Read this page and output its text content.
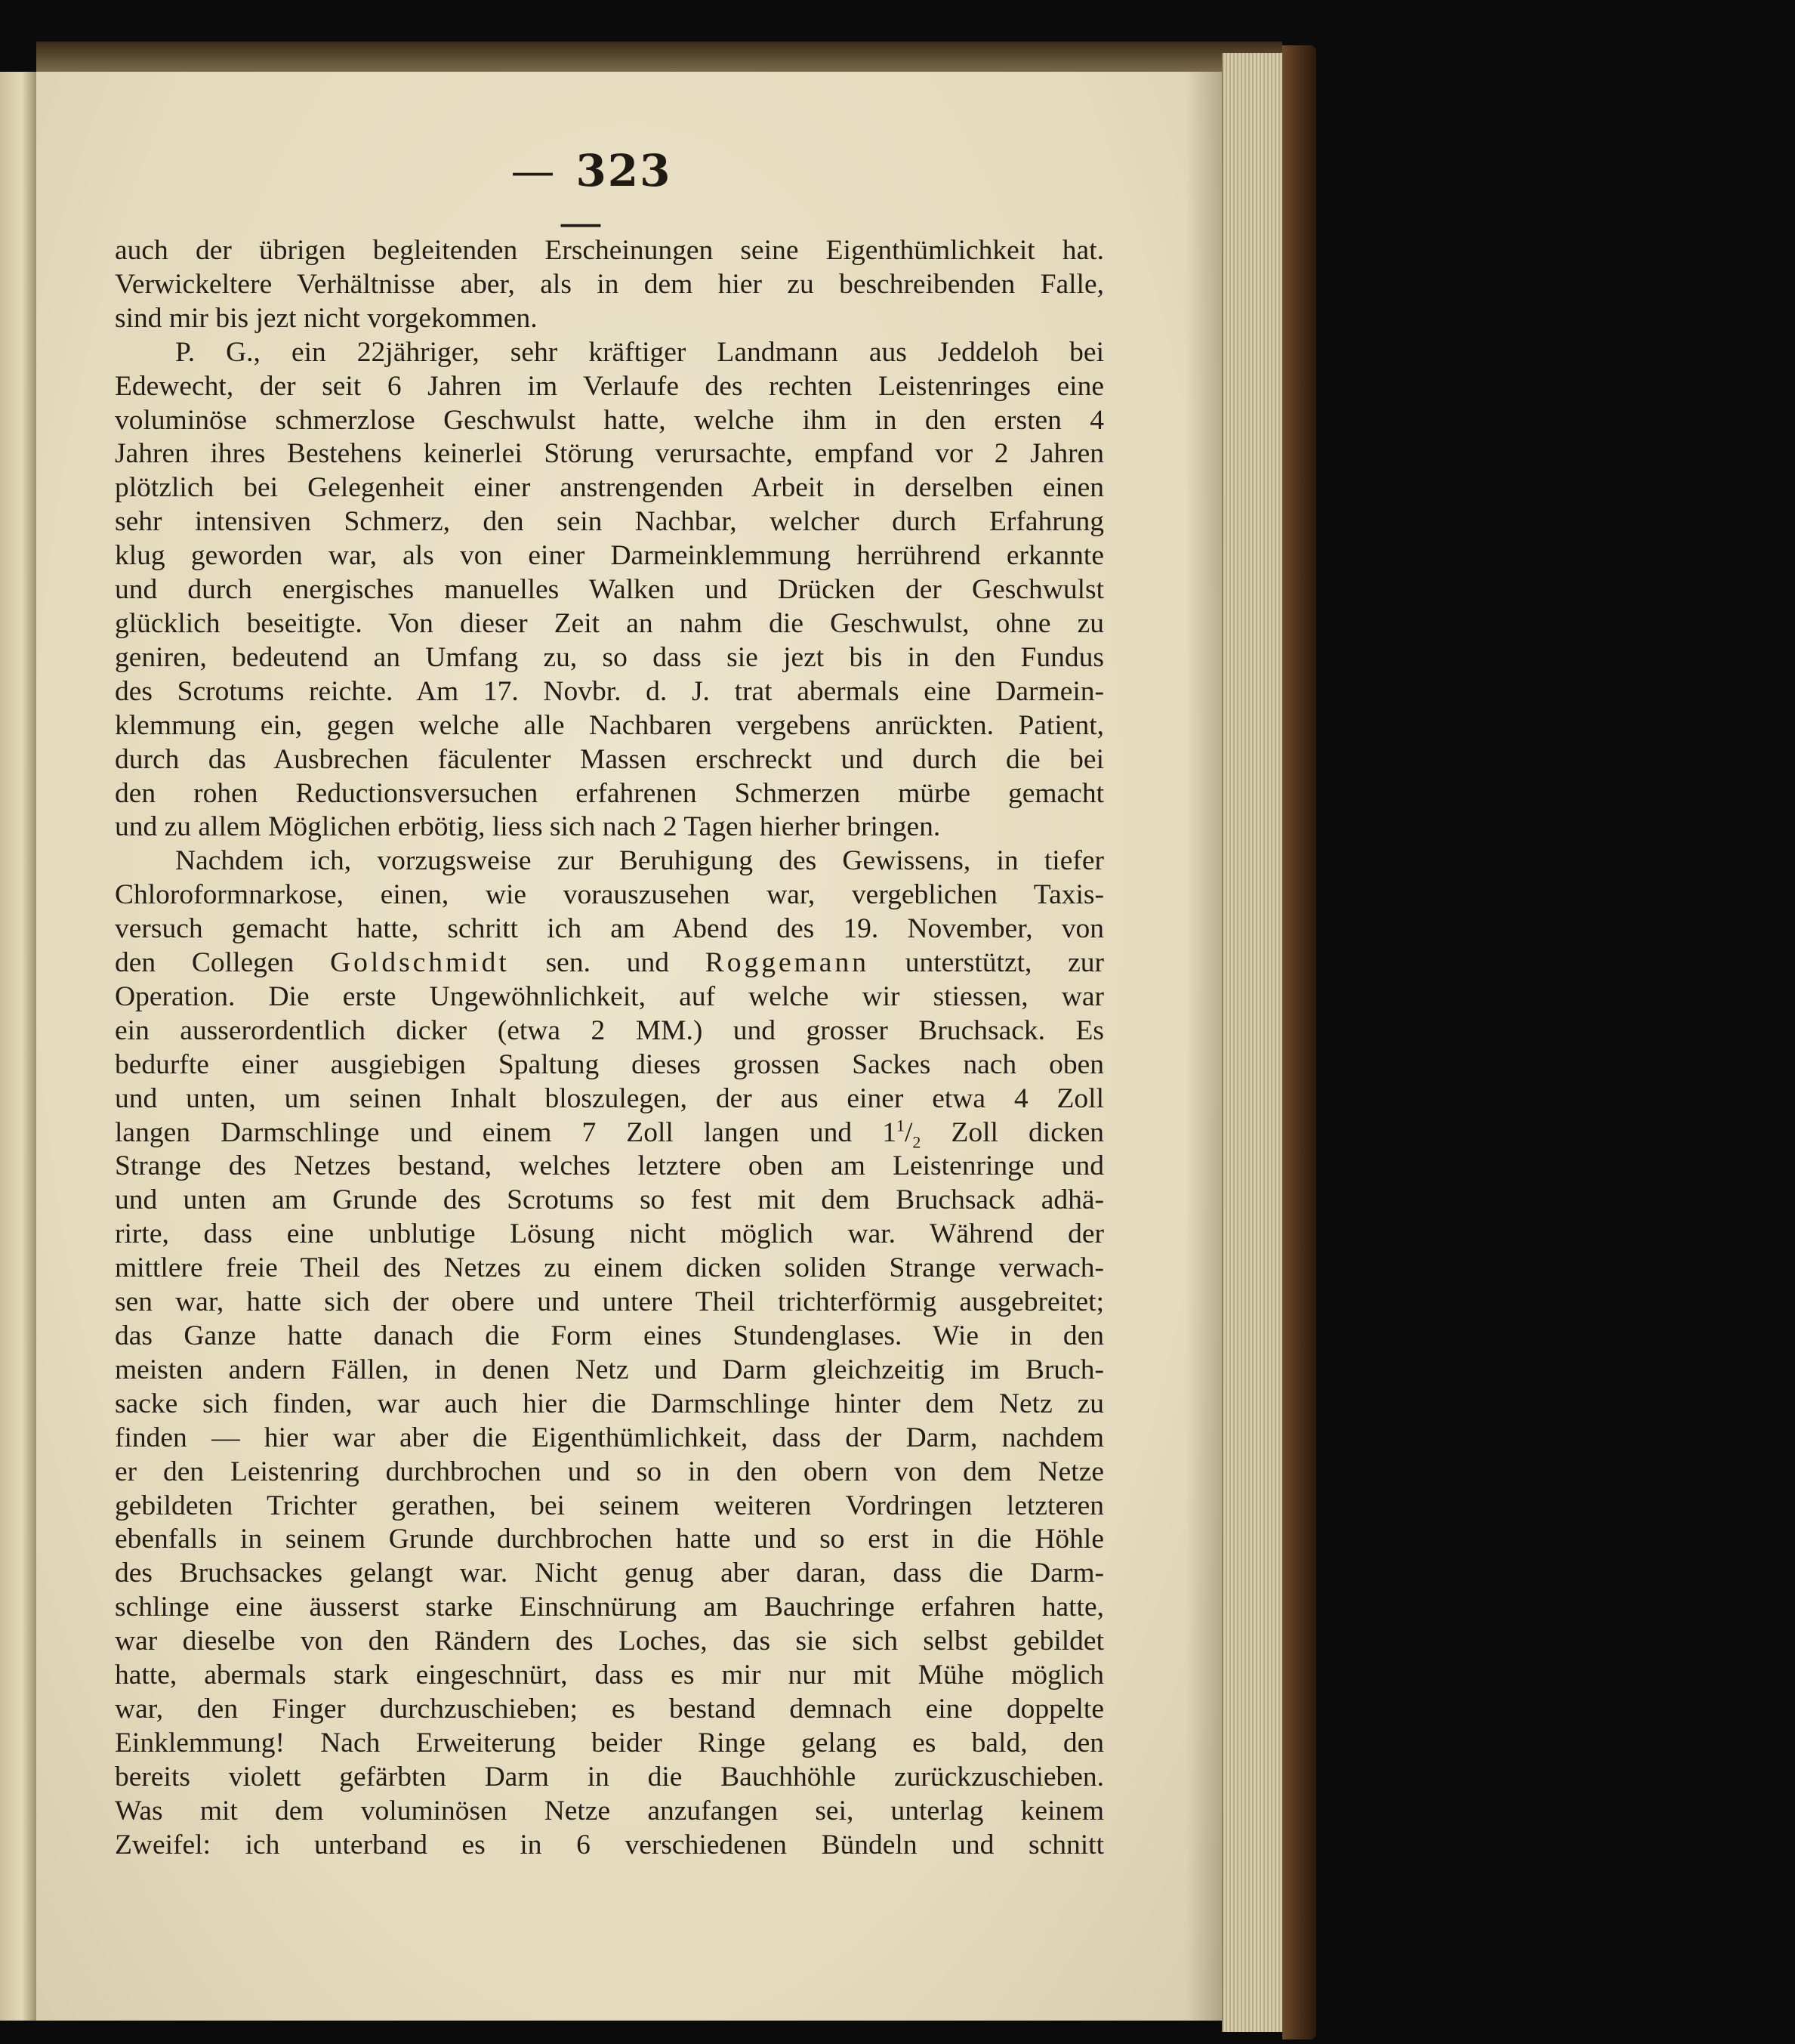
— 323—
auch der übrigen begleitenden Erscheinungen seine Eigenthümlichkeit hat.
Verwickeltere Verhältnisse aber, als in dem hier zu beschreibenden Falle,
sind mir bis jezt nicht vorgekommen.
P. G., ein 22jähriger, sehr kräftiger Landmann aus Jeddeloh bei
Edewecht, der seit 6 Jahren im Verlaufe des rechten Leistenringes eine
voluminöse schmerzlose Geschwulst hatte, welche ihm in den ersten 4
Jahren ihres Bestehens keinerlei Störung verursachte, empfand vor 2 Jahren
plötzlich bei Gelegenheit einer anstrengenden Arbeit in derselben einen
sehr intensiven Schmerz, den sein Nachbar, welcher durch Erfahrung
klug geworden war, als von einer Darmeinklemmung herrührend erkannte
und durch energisches manuelles Walken und Drücken der Geschwulst
glücklich beseitigte. Von dieser Zeit an nahm die Geschwulst, ohne zu
geniren, bedeutend an Umfang zu, so dass sie jezt bis in den Fundus
des Scrotums reichte. Am 17. Novbr. d. J. trat abermals eine Darmein-
klemmung ein, gegen welche alle Nachbaren vergebens anrückten. Patient,
durch das Ausbrechen fäculenter Massen erschreckt und durch die bei
den rohen Reductionsversuchen erfahrenen Schmerzen mürbe gemacht
und zu allem Möglichen erbötig, liess sich nach 2 Tagen hierher bringen.
Nachdem ich, vorzugsweise zur Beruhigung des Gewissens, in tiefer
Chloroformnarkose, einen, wie vorauszusehen war, vergeblichen Taxis-
versuch gemacht hatte, schritt ich am Abend des 19. November, von
den Collegen Goldschmidt sen. und Roggemann unterstützt, zur
Operation. Die erste Ungewöhnlichkeit, auf welche wir stiessen, war
ein ausserordentlich dicker (etwa 2 MM.) und grosser Bruchsack. Es
bedurfte einer ausgiebigen Spaltung dieses grossen Sackes nach oben
und unten, um seinen Inhalt bloszulegen, der aus einer etwa 4 Zoll
langen Darmschlinge und einem 7 Zoll langen und $1^1/_2$ Zoll dicken
Strange des Netzes bestand, welches letztere oben am Leistenringe und
und unten am Grunde des Scrotums so fest mit dem Bruchsack adhä-
rirte, dass eine unblutige Lösung nicht möglich war. Während der
mittlere freie Theil des Netzes zu einem dicken soliden Strange verwach-
sen war, hatte sich der obere und untere Theil trichterförmig ausgebreitet;
das Ganze hatte danach die Form eines Stundenglases. Wie in den
meisten andern Fällen, in denen Netz und Darm gleichzeitig im Bruch-
sacke sich finden, war auch hier die Darmschlinge hinter dem Netz zu
finden — hier war aber die Eigenthümlichkeit, dass der Darm, nachdem
er den Leistenring durchbrochen und so in den obern von dem Netze
gebildeten Trichter gerathen, bei seinem weiteren Vordringen letzteren
ebenfalls in seinem Grunde durchbrochen hatte und so erst in die Höhle
des Bruchsackes gelangt war. Nicht genug aber daran, dass die Darm-
schlinge eine äusserst starke Einschnürung am Bauchringe erfahren hatte,
war dieselbe von den Rändern des Loches, das sie sich selbst gebildet
hatte, abermals stark eingeschnürt, dass es mir nur mit Mühe möglich
war, den Finger durchzuschieben; es bestand demnach eine doppelte
Einklemmung! Nach Erweiterung beider Ringe gelang es bald, den
bereits violett gefärbten Darm in die Bauchhöhle zurückzuschieben.
Was mit dem voluminösen Netze anzufangen sei, unterlag keinem
Zweifel: ich unterband es in 6 verschiedenen Bündeln und schnitt
